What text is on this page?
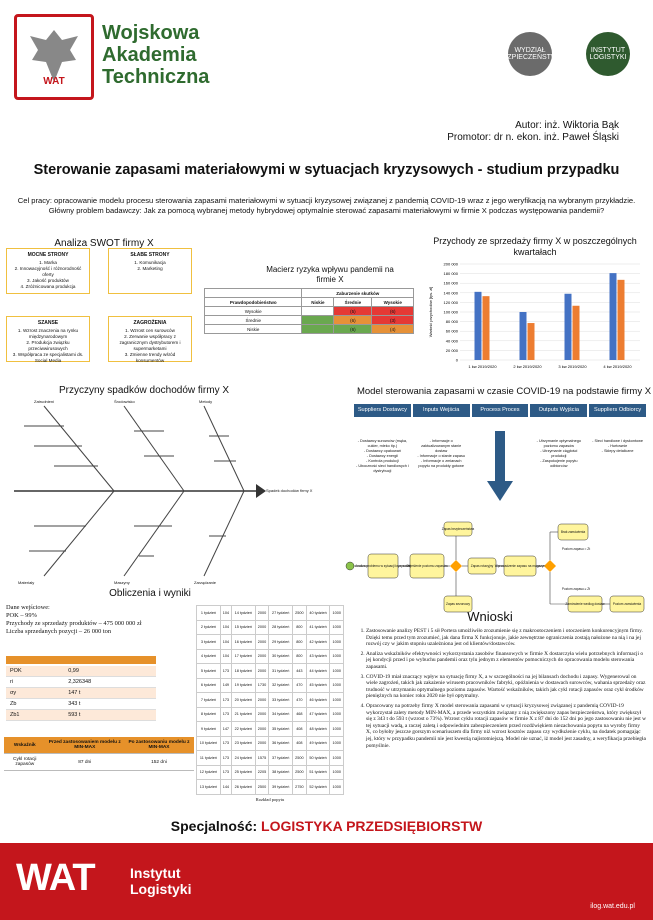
WAT
Wojskowa
Akademia
Techniczna
WYDZIAŁ BEZPIECZEŃSTWA
INSTYTUT LOGISTYKI
Autor: inż. Wiktoria Bąk
Promotor: dr n. ekon. inż. Paweł Śląski
Sterowanie zapasami materiałowymi w sytuacjach kryzysowych - studium przypadku
Cel pracy: opracowanie modelu procesu sterowania zapasami materiałowymi w sytuacji kryzysowej związanej z pandemią COVID-19 wraz z jego weryfikacją na wybranym przykładzie.
Główny problem badawczy: Jak za pomocą wybranej metody hybrydowej optymalnie sterować zapasami materiałowymi w firmie X podczas występowania pandemii?
Analiza SWOT firmy X
MOCNE STRONY
1. Marka
2. Innowacyjność i różnorodność oferty
3. Jakość produktów
4. Zróżnicowana produkcja
SŁABE STRONY
1. Komunikacja
2. Marketing
SZANSE
1. Wzrost znaczenia na rynku międzynarodowym
2. Produkcja związku przeciwwirusowych
3. Współpraca ze specjalistami ds. Social Media
ZAGROŻENIA
1. Wzrost cen surowców
2. Zerwanie współpracy z zagranicznym dystrybutorem i supermarketami
3. Zmienne trendy wśród konsumentów
Macierz ryzyka wpływu pandemii na firmie X
	Zaburzenie skutków		
Prawdopodobieństwo	Niskie	Średnie	Wysokie
Wysokie		(5)	(6)
Średnie		(6)	(3)
Niskie		(6)	(4)
Przychody ze sprzedaży firmy X w poszczególnych kwartałach
0
20 000
40 000
60 000
80 000
100 000
120 000
140 000
160 000
180 000
200 000
Wartość przychodów [tys. zł]
1 kw 2019/2020	2 kw 2019/2020	3 kw 2019/2020	4 kw 2019/2020
Przyczyny spadków dochodów firmy X
Zatrudnieni	Środowisko	Metody
Materiały	Maszyny	Zarządzanie
Spadek dochodów firmy X
Model sterowania zapasami w czasie COVID-19 na podstawie firmy X
Suppliers Dostawcy
- Dostawcy surowców (mąka, cukier, mleko itp.)
- Dostawcy opakowań
- Dostawcy energii
- Kontrola produkcji
- Uboczność sieci handlowych i dystrybucji
Inputs Wejścia
- Informacje o zaktualizowanym stanie dostaw
- Informacje o stanie zapasu
- Informacje o zmianach popytu na produkty gotowe
Process Proces	Outputs Wyjścia
- Utrzymanie optymalnego poziomu zapasów
- Utrzymanie ciągłości produkcji
- Zaspokojenie popytu odbiorców
Suppliers Odbiorcy
- Sieci handlowe i dyskontowe
- Hurtownie
- Sklepy detaliczne
Analiza problemu w sytuacji kryzysowej
Określenie poziomu zapasów
Zapas bezpieczeństwa
Zapas rotacyjny
Zapas sezonowy
Wprowadzenie zapasu na magazyn
Brak zamówienia
Zamówienie według dostaw	Poziom zamówienia
Poziom zapasu = Zt
Poziom zapasu ≥ Zt
Obliczenia i wyniki
Dane wejściowe:
POK – 99%
Przychody ze sprzedaży produktów – 475 000 000 zł
Liczba sprzedanych pozycji – 26 000 ton
POK	0,99
ri	2,326348
σy	147 t
Zb	343 t
Zb1	593 t
Wskaźnik	Przed zastosowaniem modelu z MIN-MAX	Po zastosowaniu modelu z MIN-MAX
Cykl rotacji zapasów	87 dni	152 dni
1 tydzień	104	14 tydzień	2000	27 tydzień	2500	40 tydzień	1000
2 tydzień	104	15 tydzień	2000	28 tydzień	800	41 tydzień	1000
3 tydzień	104	16 tydzień	2000	29 tydzień	800	42 tydzień	1000
4 tydzień	104	17 tydzień	2000	30 tydzień	800	43 tydzień	1000
5 tydzień	173	18 tydzień	2000	31 tydzień	443	44 tydzień	1000
6 tydzień	149	19 tydzień	1730	32 tydzień	470	45 tydzień	1000
7 tydzień	173	20 tydzień	2000	33 tydzień	470	46 tydzień	1000
8 tydzień	173	21 tydzień	2000	34 tydzień	468	47 tydzień	1000
9 tydzień	147	22 tydzień	2000	35 tydzień	408	48 tydzień	1000
10 tydzień	173	23 tydzień	2000	36 tydzień	408	49 tydzień	1000
11 tydzień	173	24 tydzień	1575	37 tydzień	2500	50 tydzień	1000
12 tydzień	173	25 tydzień	2205	38 tydzień	2500	51 tydzień	1000
13 tydzień	144	26 tydzień	2500	39 tydzień	2750	52 tydzień	1000
Rozkład popytu
Wnioski
1. Zastosowanie analizy PEST i 5 sił Portera umożliwiło zrozumienie się z makrootoczeniem i otoczeniem konkurencyjnym firmy. Dzięki temu przed tym zrozumieć, jak dana firma X funkcjonuje, jakie zewnętrzne ograniczenia zostają nałożone na nią i na jej rozwój czy w jakim stopniu uzależniona jest od klientów/dostawców.
2. Analiza wskaźników efektywności wykorzystania zasobów finansowych w firmie X dostarczyła wielu potrzebnych informacji o jej kondycji przed i po wybuchu pandemii oraz tylu jednym z elementów pomocniczych do opracowania modelu sterowania zapasami.
3. COVID-19 miał znaczący wpływ na sytuację firmy X, a w szczególności na jej bilansach dochodu i zapasy. Wygenerowal on wiele zagrożeń, takich jak zakażenie wirusem pracowników fabryki, opóźnienia w dostawach surowców, wahania sprzedaży oraz trudność w utrzymaniu optymalnego poziomu zapasów. Wartość wskaźników, takich jak cykl rotacji zapasów oraz cykl środków pieniężnych na koniec roku 2020 nie był optymalny.
4. Opracowany na potrzeby firmy X model sterowania zapasami w sytuacji kryzysowej związanej z pandemią COVID-19 wykorzystał zalety metody MIN-MAX, a przede wszystkim związany z nią zwiększony zapas bezpieczeństwa, który zwiększył się z 343 t do 593 t (wzrost o 73%). Wzrost cyklu rotacji zapasów w firmie X z 87 dni do 152 dni po jego zastosowaniu nie jest w tej sytuacji wadą, a raczej zaletą i odpowiednim zabezpieczeniem przed rozdźwiękiem niezachowania popytu na wyroby firmy X, co byłoby jeszcze gorszym scenariuszem dla firmy niż wzrost kosztów zapasu czy wydłużenie cyklu, na dodatek pomagając jej, który w przypadku pandemii nie jest kwestią najistotniejszą. Model nie uznać, iż model jest zasadny, a weryfikacja przebiegła pomyślnie.
Specjalność: LOGISTYKA PRZEDSIĘBIORSTW
WAT	Instytut
Logistyki
ilog.wat.edu.pl
